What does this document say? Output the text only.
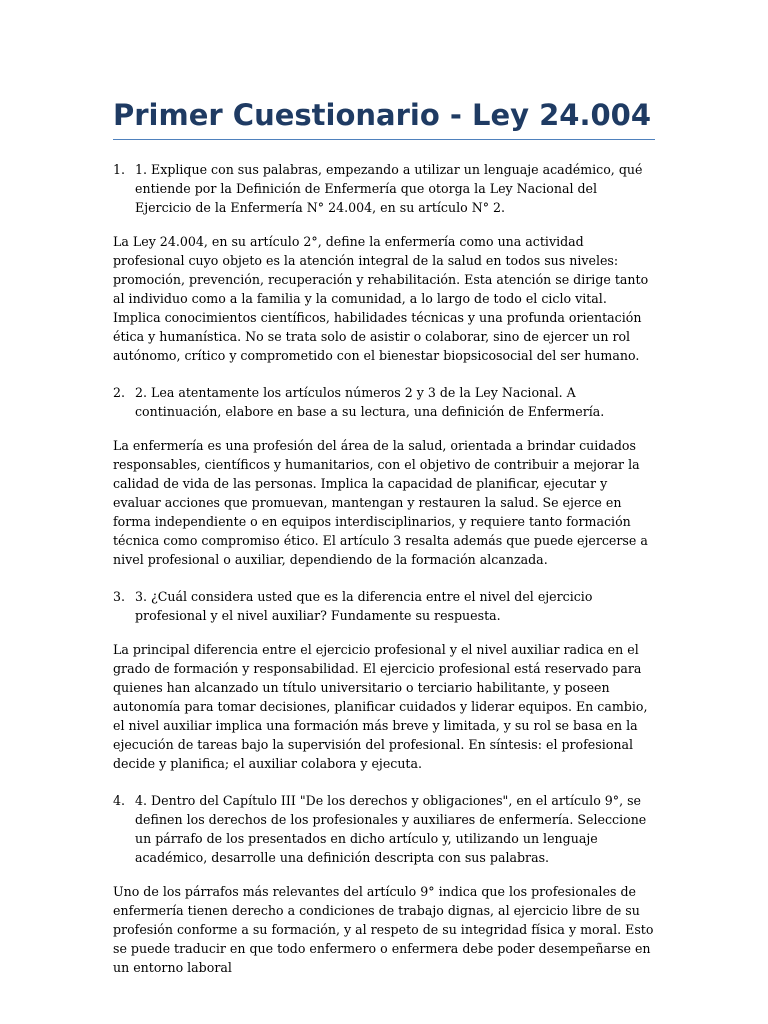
Primer Cuestionario - Ley 24.004
1. 1. Explique con sus palabras, empezando a utilizar un lenguaje académico, qué entiende por la Definición de Enfermería que otorga la Ley Nacional del Ejercicio de la Enfermería N° 24.004, en su artículo N° 2.
La Ley 24.004, en su artículo 2°, define la enfermería como una actividad profesional cuyo objeto es la atención integral de la salud en todos sus niveles: promoción, prevención, recuperación y rehabilitación. Esta atención se dirige tanto al individuo como a la familia y la comunidad, a lo largo de todo el ciclo vital. Implica conocimientos científicos, habilidades técnicas y una profunda orientación ética y humanística. No se trata solo de asistir o colaborar, sino de ejercer un rol autónomo, crítico y comprometido con el bienestar biopsicosocial del ser humano.
2. 2. Lea atentamente los artículos números 2 y 3 de la Ley Nacional. A continuación, elabore en base a su lectura, una definición de Enfermería.
La enfermería es una profesión del área de la salud, orientada a brindar cuidados responsables, científicos y humanitarios, con el objetivo de contribuir a mejorar la calidad de vida de las personas. Implica la capacidad de planificar, ejecutar y evaluar acciones que promuevan, mantengan y restauren la salud. Se ejerce en forma independiente o en equipos interdisciplinarios, y requiere tanto formación técnica como compromiso ético. El artículo 3 resalta además que puede ejercerse a nivel profesional o auxiliar, dependiendo de la formación alcanzada.
3. 3. ¿Cuál considera usted que es la diferencia entre el nivel del ejercicio profesional y el nivel auxiliar? Fundamente su respuesta.
La principal diferencia entre el ejercicio profesional y el nivel auxiliar radica en el grado de formación y responsabilidad. El ejercicio profesional está reservado para quienes han alcanzado un título universitario o terciario habilitante, y poseen autonomía para tomar decisiones, planificar cuidados y liderar equipos. En cambio, el nivel auxiliar implica una formación más breve y limitada, y su rol se basa en la ejecución de tareas bajo la supervisión del profesional. En síntesis: el profesional decide y planifica; el auxiliar colabora y ejecuta.
4. 4. Dentro del Capítulo III "De los derechos y obligaciones", en el artículo 9°, se definen los derechos de los profesionales y auxiliares de enfermería. Seleccione un párrafo de los presentados en dicho artículo y, utilizando un lenguaje académico, desarrolle una definición descripta con sus palabras.
Uno de los párrafos más relevantes del artículo 9° indica que los profesionales de enfermería tienen derecho a condiciones de trabajo dignas, al ejercicio libre de su profesión conforme a su formación, y al respeto de su integridad física y moral. Esto se puede traducir en que todo enfermero o enfermera debe poder desempeñarse en un entorno laboral
